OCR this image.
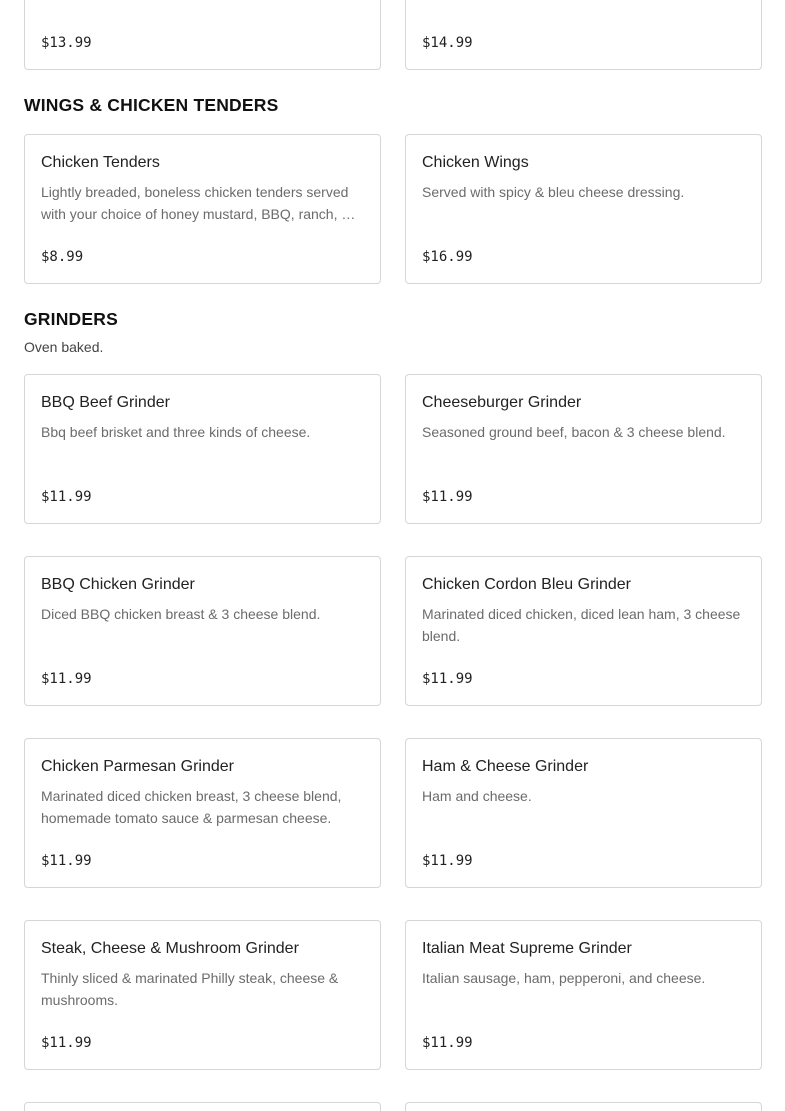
$13.99	$14.99
WINGS & CHICKEN TENDERS
Chicken Tenders
Lightly breaded, boneless chicken tenders served with your choice of honey mustard, BBQ, ranch, …
$8.99
Chicken Wings
Served with spicy & bleu cheese dressing.
$16.99
GRINDERS
Oven baked.
BBQ Beef Grinder
Bbq beef brisket and three kinds of cheese.
$11.99
Cheeseburger Grinder
Seasoned ground beef, bacon & 3 cheese blend.
$11.99
BBQ Chicken Grinder
Diced BBQ chicken breast & 3 cheese blend.
$11.99
Chicken Cordon Bleu Grinder
Marinated diced chicken, diced lean ham, 3 cheese blend.
$11.99
Chicken Parmesan Grinder
Marinated diced chicken breast, 3 cheese blend, homemade tomato sauce & parmesan cheese.
$11.99
Ham & Cheese Grinder
Ham and cheese.
$11.99
Steak, Cheese & Mushroom Grinder
Thinly sliced & marinated Philly steak, cheese & mushrooms.
$11.99
Italian Meat Supreme Grinder
Italian sausage, ham, pepperoni, and cheese.
$11.99
